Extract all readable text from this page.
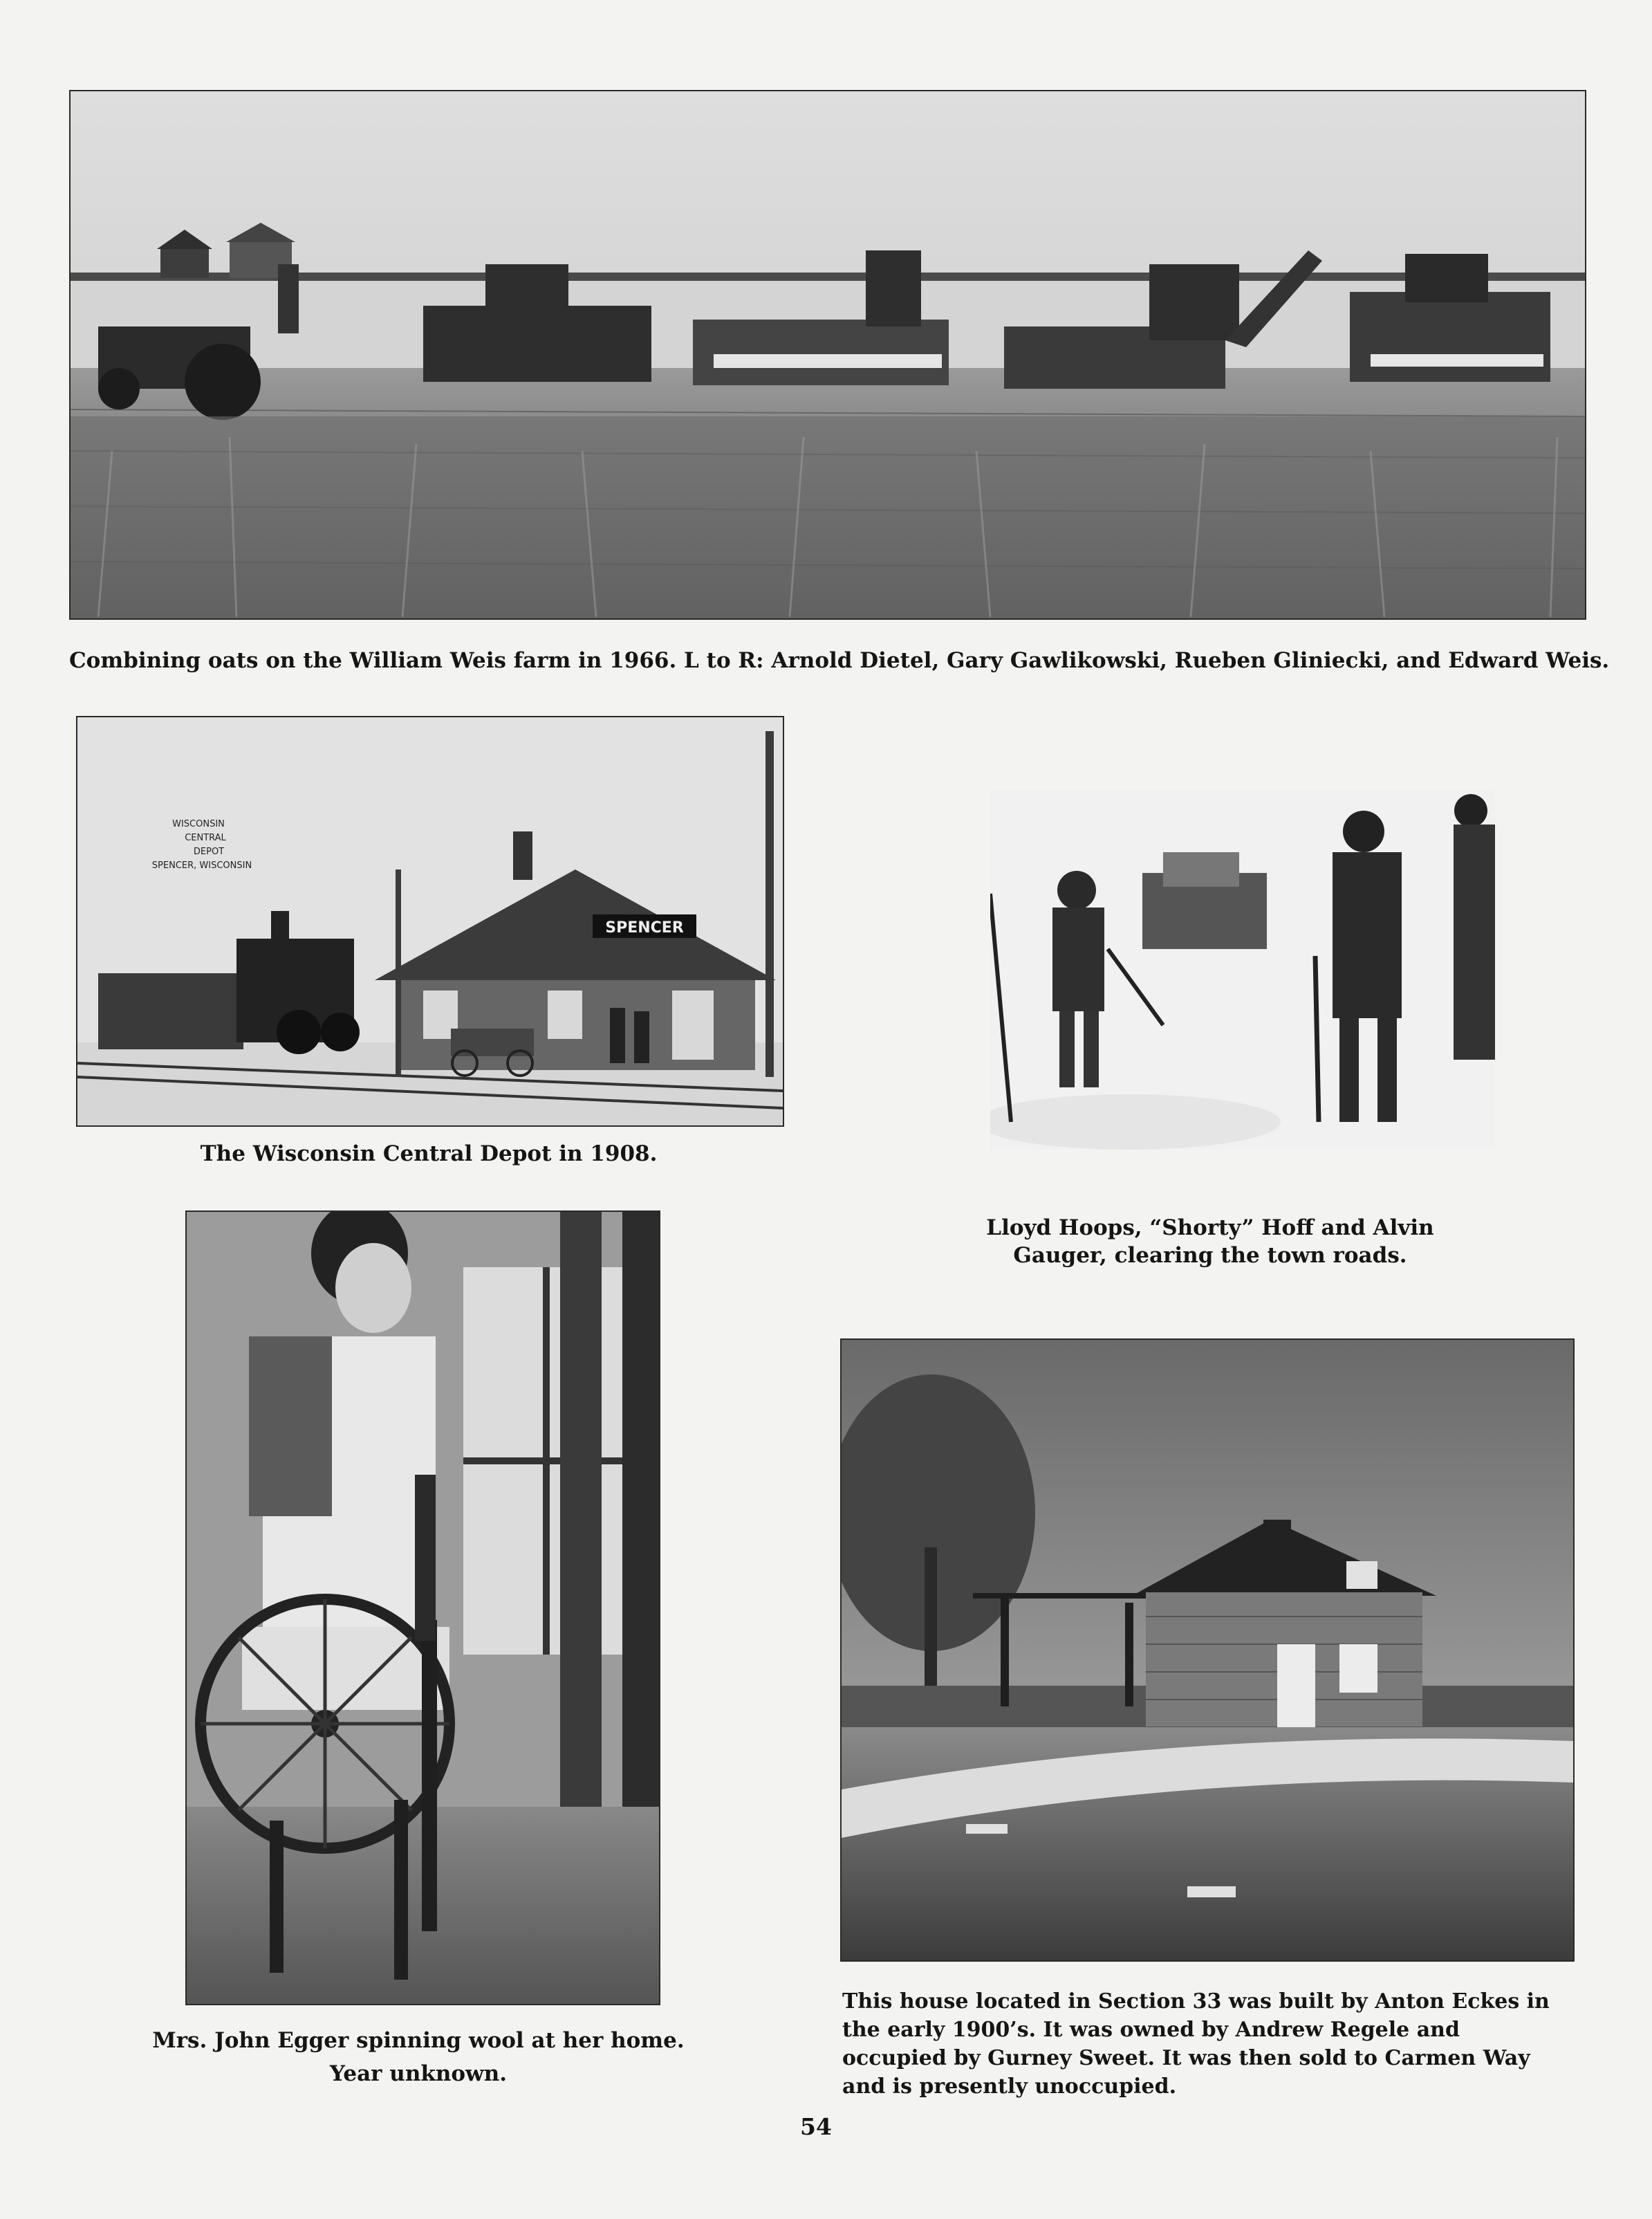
Combining oats on the William Weis farm in 1966. L to R: Arnold Dietel, Gary Gawlikowski, Rueben Gliniecki, and Edward Weis.
SPENCER
WISCONSIN
CENTRAL
DEPOT
SPENCER, WISCONSIN
The Wisconsin Central Depot in 1908.
Lloyd Hoops, “Shorty” Hoff and Alvin Gauger, clearing the town roads.
Mrs. John Egger spinning wool at her home.
Year unknown.
This house located in Section 33 was built by Anton Eckes in the early 1900’s. It was owned by Andrew Regele and occupied by Gurney Sweet. It was then sold to Carmen Way and is presently unoccupied.
54
